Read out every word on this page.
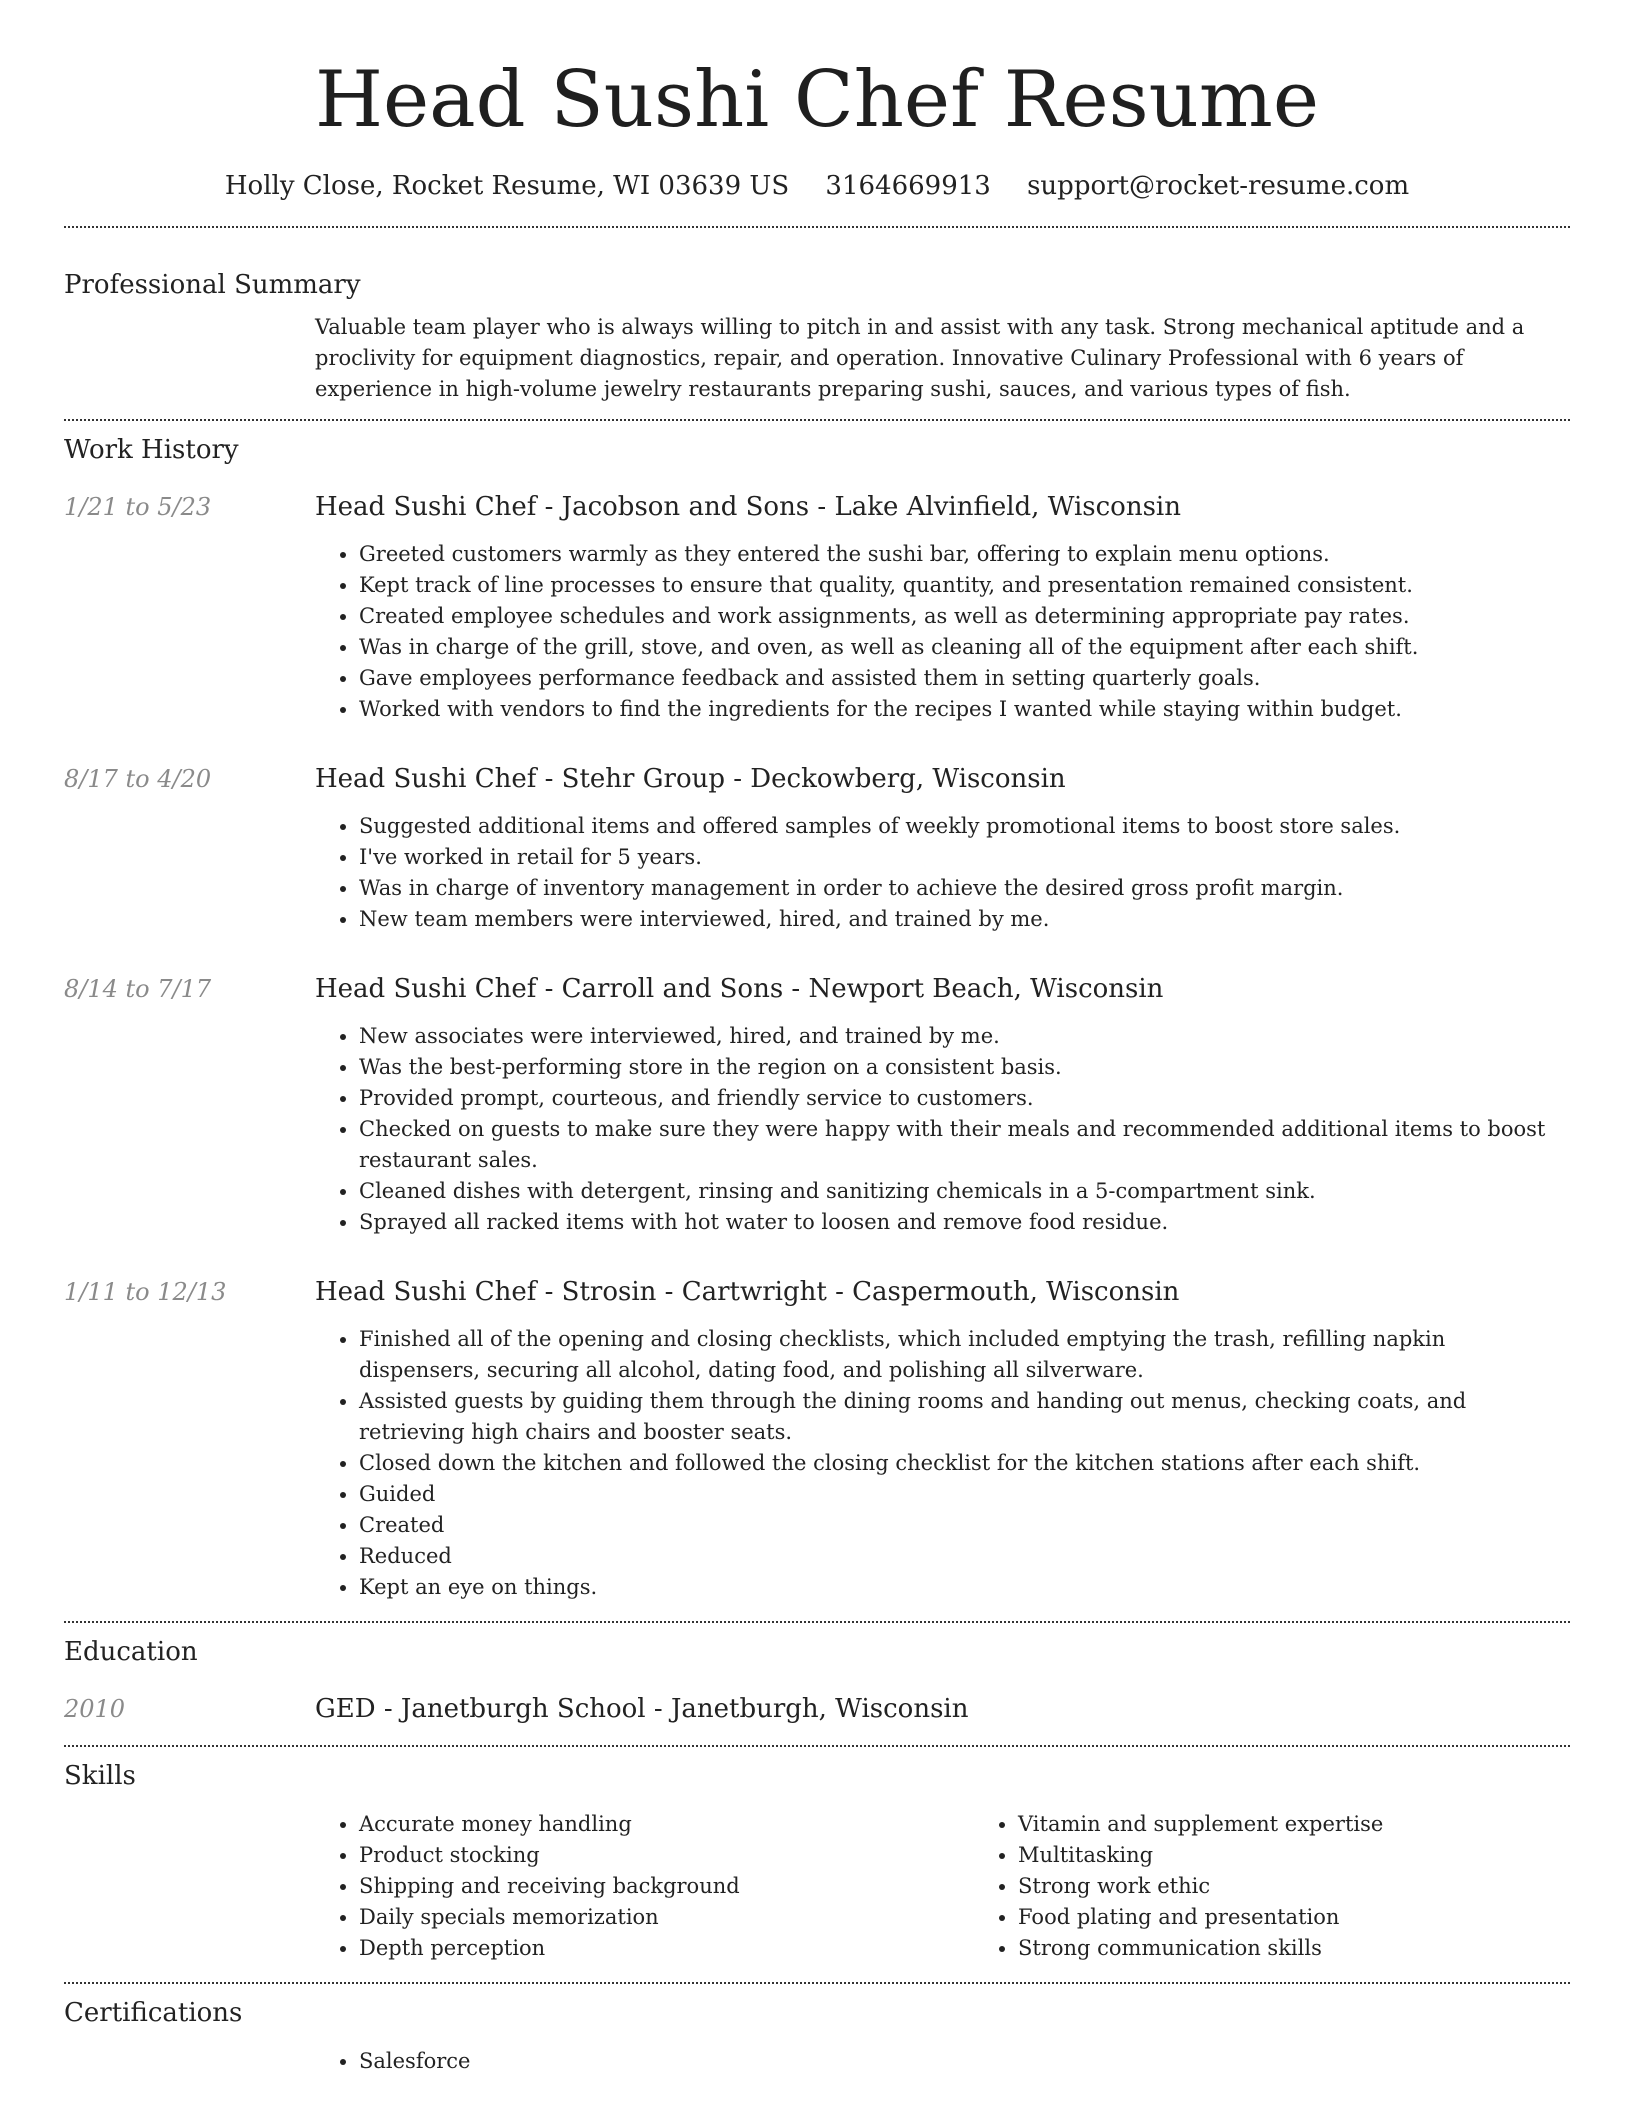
Head Sushi Chef Resume
Holly Close, Rocket Resume, WI 03639 US 3164669913 support@rocket-resume.com
Professional Summary

Valuable team player who is always willing to pitch in and assist with any task. Strong mechanical aptitude and a proclivity for equipment diagnostics, repair, and operation. Innovative Culinary Professional with 6 years of experience in high-volume jewelry restaurants preparing sushi, sauces, and various types of fish.

Work History
1/21 to 5/23	Head Sushi Chef - Jacobson and Sons - Lake Alvinfield, Wisconsin
• Greeted customers warmly as they entered the sushi bar, offering to explain menu options.
• Kept track of line processes to ensure that quality, quantity, and presentation remained consistent.
• Created employee schedules and work assignments, as well as determining appropriate pay rates.
• Was in charge of the grill, stove, and oven, as well as cleaning all of the equipment after each shift.
• Gave employees performance feedback and assisted them in setting quarterly goals.
• Worked with vendors to find the ingredients for the recipes I wanted while staying within budget.
8/17 to 4/20	Head Sushi Chef - Stehr Group - Deckowberg, Wisconsin
• Suggested additional items and offered samples of weekly promotional items to boost store sales.
• I've worked in retail for 5 years.
• Was in charge of inventory management in order to achieve the desired gross profit margin.
• New team members were interviewed, hired, and trained by me.
8/14 to 7/17	Head Sushi Chef - Carroll and Sons - Newport Beach, Wisconsin
• New associates were interviewed, hired, and trained by me.
• Was the best-performing store in the region on a consistent basis.
• Provided prompt, courteous, and friendly service to customers.
• Checked on guests to make sure they were happy with their meals and recommended additional items to boost restaurant sales.
• Cleaned dishes with detergent, rinsing and sanitizing chemicals in a 5-compartment sink.
• Sprayed all racked items with hot water to loosen and remove food residue.
1/11 to 12/13	Head Sushi Chef - Strosin - Cartwright - Caspermouth, Wisconsin
• Finished all of the opening and closing checklists, which included emptying the trash, refilling napkin dispensers, securing all alcohol, dating food, and polishing all silverware.
• Assisted guests by guiding them through the dining rooms and handing out menus, checking coats, and retrieving high chairs and booster seats.
• Closed down the kitchen and followed the closing checklist for the kitchen stations after each shift.
• Guided
• Created
• Reduced
• Kept an eye on things.
Education
2010	GED - Janetburgh School - Janetburgh, Wisconsin
Skills
• Accurate money handling
• Product stocking
• Shipping and receiving background
• Daily specials memorization
• Depth perception
• Vitamin and supplement expertise
• Multitasking
• Strong work ethic
• Food plating and presentation
• Strong communication skills
Certifications
• Salesforce
